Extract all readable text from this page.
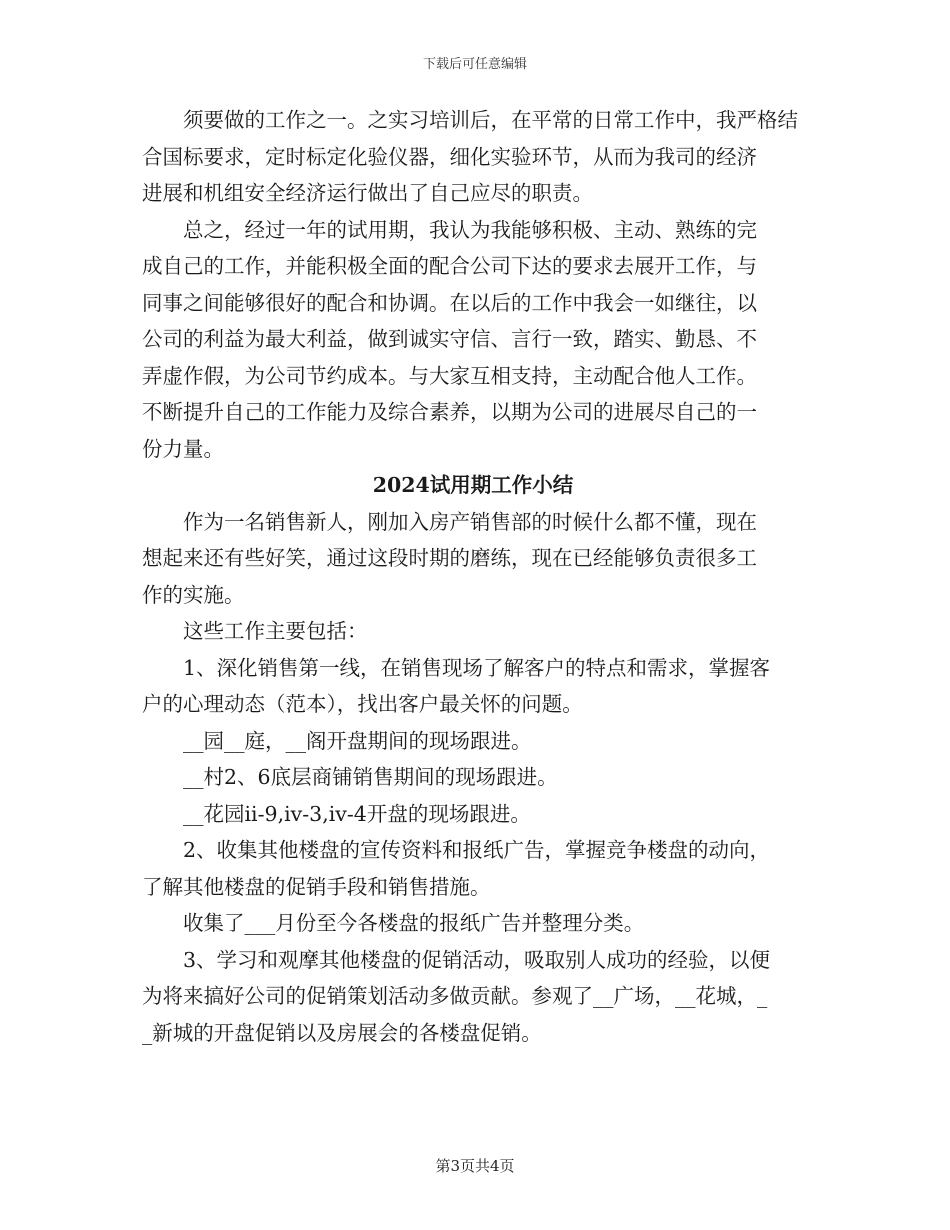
下载后可任意编辑
须要做的工作之一。之实习培训后，在平常的日常工作中，我严格结
合国标要求，定时标定化验仪器，细化实验环节，从而为我司的经济
进展和机组安全经济运行做出了自己应尽的职责。
总之，经过一年的试用期，我认为我能够积极、主动、熟练的完
成自己的工作，并能积极全面的配合公司下达的要求去展开工作，与
同事之间能够很好的配合和协调。在以后的工作中我会一如继往，以
公司的利益为最大利益，做到诚实守信、言行一致，踏实、勤恳、不
弄虚作假，为公司节约成本。与大家互相支持，主动配合他人工作。
不断提升自己的工作能力及综合素养，以期为公司的进展尽自己的一
份力量。
2024试用期工作小结
作为一名销售新人，刚加入房产销售部的时候什么都不懂，现在
想起来还有些好笑，通过这段时期的磨练，现在已经能够负责很多工
作的实施。
这些工作主要包括：
1、深化销售第一线，在销售现场了解客户的特点和需求，掌握客
户的心理动态（范本），找出客户最关怀的问题。
__园__庭，__阁开盘期间的现场跟进。
__村2、6底层商铺销售期间的现场跟进。
__花园ii-9,iv-3,iv-4开盘的现场跟进。
2、收集其他楼盘的宣传资料和报纸广告，掌握竞争楼盘的动向，
了解其他楼盘的促销手段和销售措施。
收集了___月份至今各楼盘的报纸广告并整理分类。
3、学习和观摩其他楼盘的促销活动，吸取别人成功的经验，以便
为将来搞好公司的促销策划活动多做贡献。参观了__广场，__花城，_
_新城的开盘促销以及房展会的各楼盘促销。
第3页共4页
